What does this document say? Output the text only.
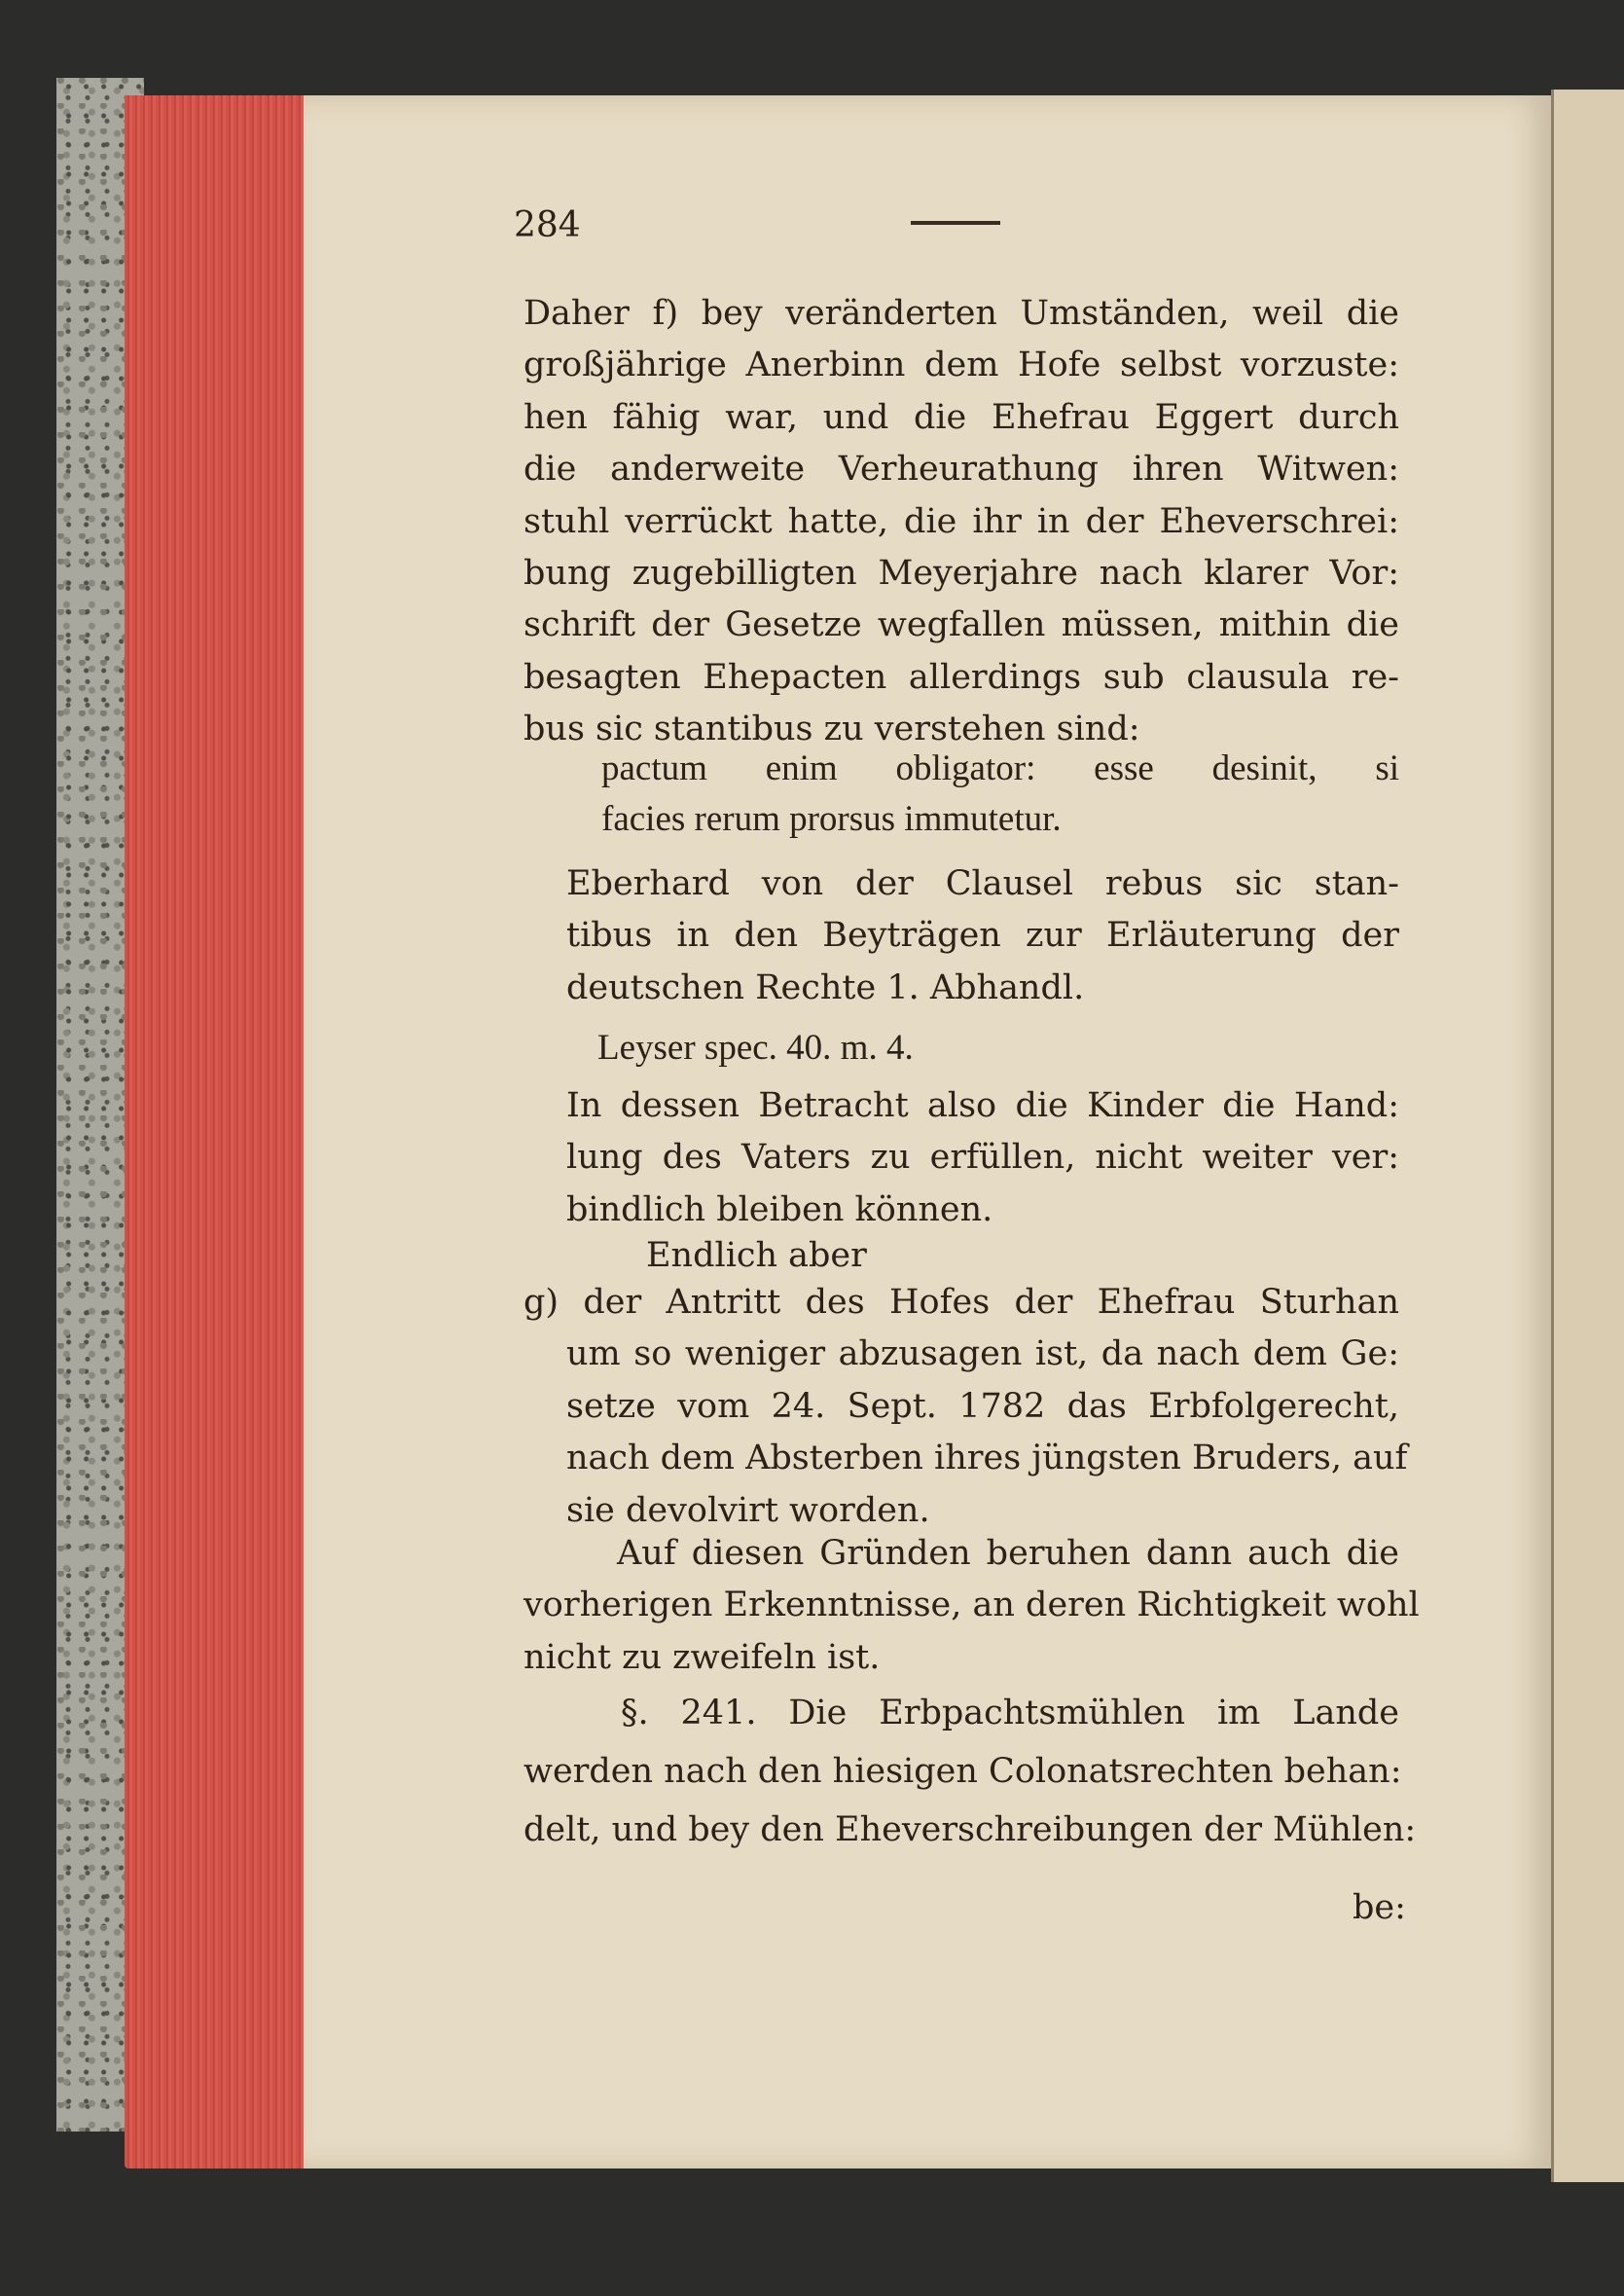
284
Daher f) bey veränderten Umständen, weil die
großjährige Anerbinn dem Hofe selbst vorzuste:
hen fähig war, und die Ehefrau Eggert durch
die anderweite Verheurathung ihren Witwen:
stuhl verrückt hatte, die ihr in der Eheverschrei:
bung zugebilligten Meyerjahre nach klarer Vor:
schrift der Gesetze wegfallen müssen, mithin die
besagten Ehepacten allerdings sub clausula re-
bus sic stantibus zu verstehen sind:
pactum enim obligator: esse desinit, si
facies rerum prorsus immutetur.
Eberhard von der Clausel rebus sic stan-
tibus in den Beyträgen zur Erläuterung der
deutschen Rechte 1. Abhandl.
Leyser spec. 40. m. 4.
In dessen Betracht also die Kinder die Hand:
lung des Vaters zu erfüllen, nicht weiter ver:
bindlich bleiben können.
Endlich aber
g) der Antritt des Hofes der Ehefrau Sturhan
um so weniger abzusagen ist, da nach dem Ge:
setze vom 24. Sept. 1782 das Erbfolgerecht,
nach dem Absterben ihres jüngsten Bruders, auf
sie devolvirt worden.
Auf diesen Gründen beruhen dann auch die
vorherigen Erkenntnisse, an deren Richtigkeit wohl
nicht zu zweifeln ist.
§. 241. Die Erbpachtsmühlen im Lande
werden nach den hiesigen Colonatsrechten behan:
delt, und bey den Eheverschreibungen der Mühlen:
be:
